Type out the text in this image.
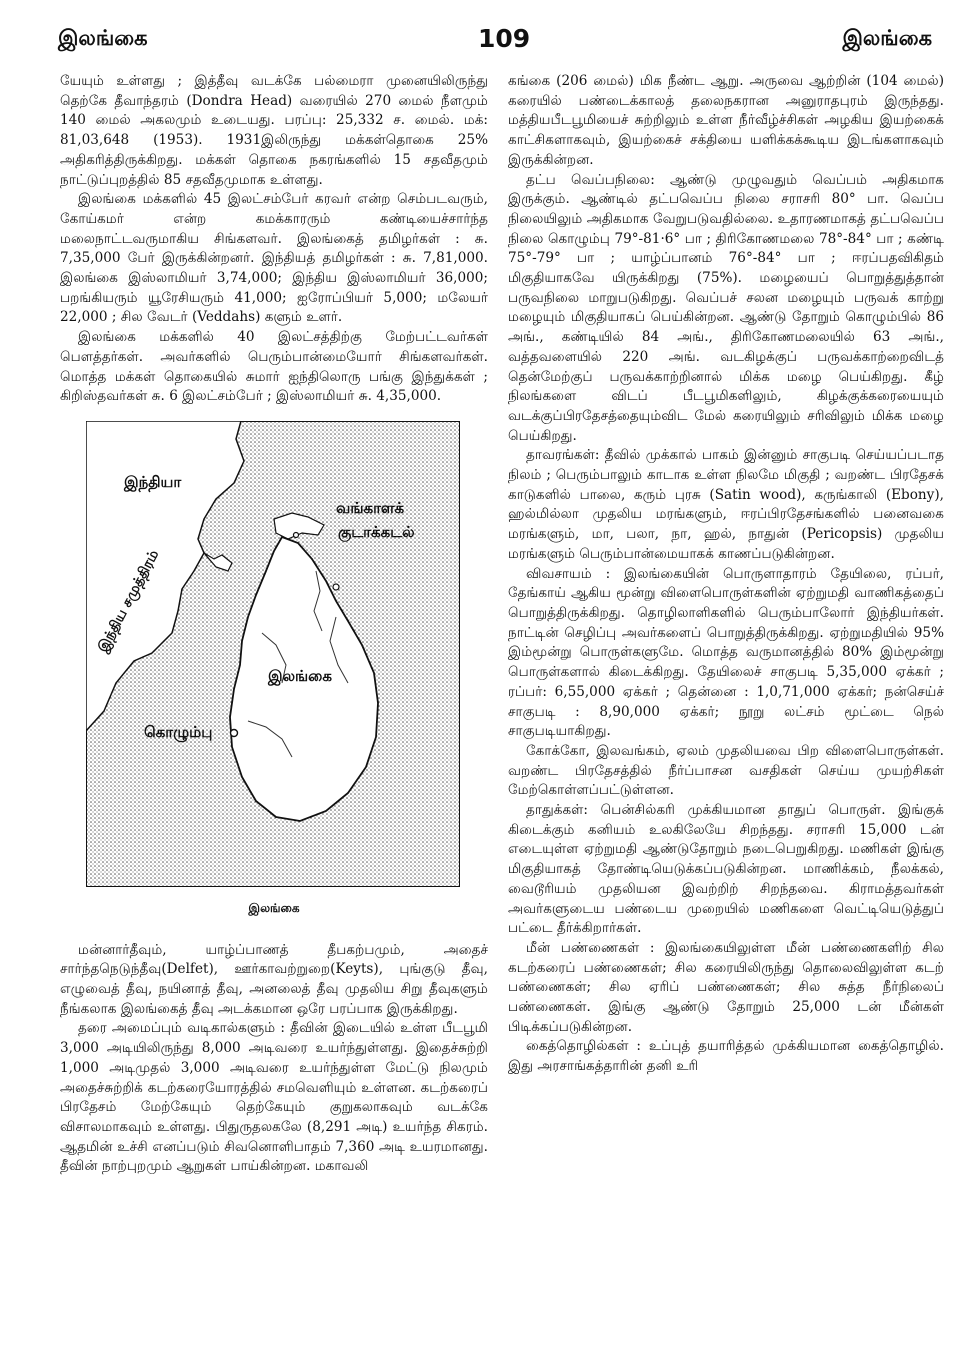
இலங்கை	109	இலங்கை

யேயும் உள்ளது ; இத்தீவு வடக்கே பல்மைரா முனையிலிருந்து தெற்கே தீவாந்தரம் (Dondra Head) வரையில் 270 மைல் நீளமும் 140 மைல் அகலமும் உடையது. பரப்பு: 25,332 ச. மைல். மக்: 81,03,648 (1953). 1931இலிருந்து மக்கள்தொகை 25% அதிகரித்திருக்கிறது. மக்கள் தொகை நகரங்களில் 15 சதவீதமும் நாட்டுப்புறத்தில் 85 சதவீதமுமாக உள்ளது.

இலங்கை மக்களில் 45 இலட்சம்பேர் கரவர் என்ற செம்படவரும், கோய்கமர் என்ற கமக்காரரும் கண்டியைச்சார்ந்த மலைநாட்டவருமாகிய சிங்களவர். இலங்கைத் தமிழர்கள் : சு. 7,35,000 பேர் இருக்கின்றனர். இந்தியத் தமிழர்கள் : சு. 7,81,000. இலங்கை இஸ்லாமியர் 3,74,000; இந்திய இஸ்லாமியர் 36,000; பறங்கியரும் யூரேசியரும் 41,000; ஐரோப்பியர் 5,000; மலேயர் 22,000 ; சில வேடர் (Veddahs) களும் உளர்.

இலங்கை மக்களில் 40 இலட்சத்திற்கு மேற்பட்டவர்கள் பௌத்தர்கள். அவர்களில் பெரும்பான்மையோர் சிங்களவர்கள். மொத்த மக்கள் தொகையில் சுமார் ஐந்திலொரு பங்கு இந்துக்கள் ; கிறிஸ்தவர்கள் சு. 6 இலட்சம்பேர் ; இஸ்லாமியர் சு. 4,35,000.

இந்தியா
வங்காளக்
குடாக்கடல்
இந்திய சமுத்திரம்
இலங்கை
கொழும்பு
இலங்கை

மன்னார்தீவும், யாழ்ப்பாணத் தீபகற்பமும், அதைச் சார்ந்தநெடுந்தீவு(Delfet), ஊர்காவற்றுறை(Keyts), புங்குடு தீவு, எழுவைத் தீவு, நயினாத் தீவு, அனலைத் தீவு முதலிய சிறு தீவுகளும் நீங்கலாக இலங்கைத் தீவு அடக்கமான ஒரே பரப்பாக இருக்கிறது.

தரை அமைப்பும் வடிகால்களும் : தீவின் இடையில் உள்ள பீடபூமி 3,000 அடியிலிருந்து 8,000 அடிவரை உயர்ந்துள்ளது. இதைச்சுற்றி 1,000 அடிமுதல் 3,000 அடிவரை உயர்ந்துள்ள மேட்டு நிலமும் அதைச்சுற்றிக் கடற்கரையோரத்தில் சமவெளியும் உள்ளன. கடற்கரைப் பிரதேசம் மேற்கேயும் தெற்கேயும் குறுகலாகவும் வடக்கே விசாலமாகவும் உள்ளது. பிதுருதலகலே (8,291 அடி) உயர்ந்த சிகரம். ஆதமின் உச்சி எனப்படும் சிவனொளிபாதம் 7,360 அடி உயரமானது. தீவின் நாற்புறமும் ஆறுகள் பாய்கின்றன. மகாவலி

கங்கை (206 மைல்) மிக நீண்ட ஆறு. அருவை ஆற்றின் (104 மைல்) கரையில் பண்டைக்காலத் தலைநகரான அனுராதபுரம் இருந்தது. மத்தியபீடபூமியைச் சுற்றிலும் உள்ள நீர்வீழ்ச்சிகள் அழகிய இயற்கைக் காட்சிகளாகவும், இயற்கைச் சக்தியை யளிக்கக்கூடிய இடங்களாகவும் இருக்கின்றன.

தட்ப வெப்பநிலை: ஆண்டு முழுவதும் வெப்பம் அதிகமாக இருக்கும். ஆண்டில் தட்பவெப்ப நிலை சராசரி 80° பா. வெப்ப நிலையிலும் அதிகமாக வேறுபடுவதில்லை. உதாரணமாகத் தட்பவெப்ப நிலை கொழும்பு 79°-81·6° பா ; திரிகோணமலை 78°-84° பா ; கண்டி 75°-79° பா ; யாழ்ப்பானம் 76°-84° பா ; ஈரப்பதவிகிதம் மிகுதியாகவே யிருக்கிறது (75%). மழையைப் பொறுத்துத்தான் பருவநிலை மாறுபடுகிறது. வெப்பச் சலன மழையும் பருவக் காற்று மழையும் மிகுதியாகப் பெய்கின்றன. ஆண்டு தோறும் கொழும்பில் 86 அங்., கண்டியில் 84 அங்., திரிகோணமலையில் 63 அங்., வத்தவளையில் 220 அங். வடகிழக்குப் பருவக்காற்றைவிடத் தென்மேற்குப் பருவக்காற்றினால் மிக்க மழை பெய்கிறது. கீழ் நிலங்களை விடப் பீடபூமிகளிலும், கிழக்குக்கரையையும் வடக்குப்பிரதேசத்தையும்விட மேல் கரையிலும் சரிவிலும் மிக்க மழை பெய்கிறது.

தாவரங்கள்: தீவில் முக்கால் பாகம் இன்னும் சாகுபடி செய்யப்படாத நிலம் ; பெரும்பாலும் காடாக உள்ள நிலமே மிகுதி ; வறண்ட பிரதேசக் காடுகளில் பாலை, கரும் புரசு (Satin wood), கருங்காலி (Ebony), ஹல்மில்லா முதலிய மரங்களும், ஈரப்பிரதேசங்களில் பனைவகை மரங்களும், மா, பலா, நா, ஹல், நாதுன் (Pericopsis) முதலிய மரங்களும் பெரும்பான்மையாகக் காணப்படுகின்றன.

விவசாயம் : இலங்கையின் பொருளாதாரம் தேயிலை, ரப்பர், தேங்காய் ஆகிய மூன்று விளைபொருள்களின் ஏற்றுமதி வாணிகத்தைப் பொறுத்திருக்கிறது. தொழிலாளிகளில் பெரும்பாலோர் இந்தியர்கள். நாட்டின் செழிப்பு அவர்களைப் பொறுத்திருக்கிறது. ஏற்றுமதியில் 95% இம்மூன்று பொருள்களுமே. மொத்த வருமானத்தில் 80% இம்மூன்று பொருள்களால் கிடைக்கிறது. தேயிலைச் சாகுபடி 5,35,000 ஏக்கர் ; ரப்பர்: 6,55,000 ஏக்கர் ; தென்னை : 1,0,71,000 ஏக்கர்; நன்செய்ச் சாகுபடி : 8,90,000 ஏக்கர்; நூறு லட்சம் மூட்டை நெல் சாகுபடியாகிறது.

கோக்கோ, இலவங்கம், ஏலம் முதலியவை பிற விளைபொருள்கள். வறண்ட பிரதேசத்தில் நீர்ப்பாசன வசதிகள் செய்ய முயற்சிகள் மேற்கொள்ளப்பட்டுள்ளன.

தாதுக்கள்: பென்சில்கரி முக்கியமான தாதுப் பொருள். இங்குக் கிடைக்கும் கனியம் உலகிலேயே சிறந்தது. சராசரி 15,000 டன் எடையுள்ள ஏற்றுமதி ஆண்டுதோறும் நடைபெறுகிறது. மணிகள் இங்கு மிகுதியாகத் தோண்டியெடுக்கப்படுகின்றன. மாணிக்கம், நீலக்கல், வைடூரியம் முதலியன இவற்றிற் சிறந்தவை. கிராமத்தவர்கள் அவர்களுடைய பண்டைய முறையில் மணிகளை வெட்டியெடுத்துப் பட்டை தீர்க்கிறார்கள்.

மீன் பண்ணைகள் : இலங்கையிலுள்ள மீன் பண்ணைகளிற் சில கடற்கரைப் பண்ணைகள்; சில கரையிலிருந்து தொலைவிலுள்ள கடற் பண்ணைகள்; சில ஏரிப் பண்ணைகள்; சில சுத்த நீர்நிலைப் பண்ணைகள். இங்கு ஆண்டு தோறும் 25,000 டன் மீன்கள் பிடிக்கப்படுகின்றன.

கைத்தொழில்கள் : உப்புத் தயாரித்தல் முக்கியமான கைத்தொழில். இது அரசாங்கத்தாரின் தனி உரி
